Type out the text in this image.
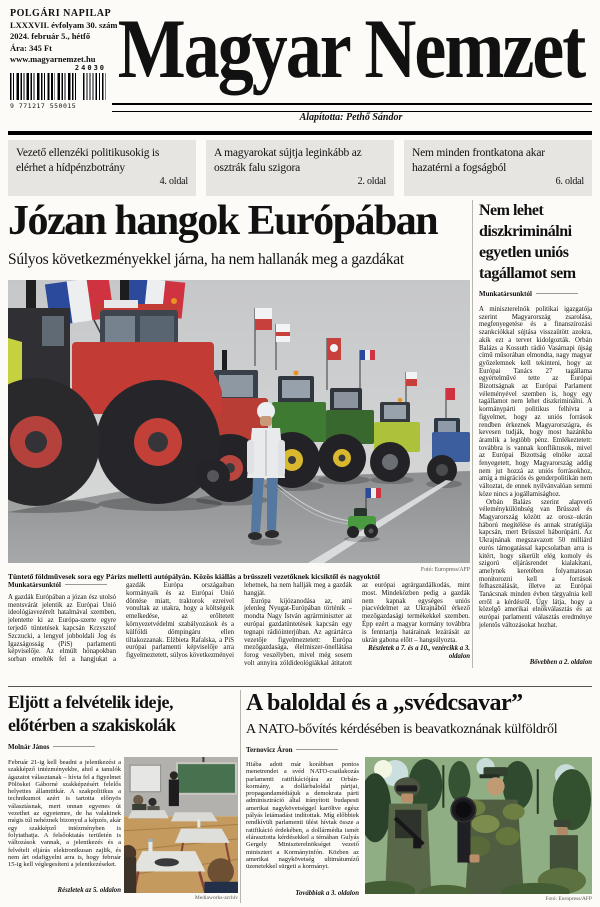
POLGÁRI NAPILAP
LXXXVII. évfolyam 30. szám
2024. február 5., hétfő
Ára: 345 Ft
www.magyarnemzet.hu
24030
9 771217 550015
Magyar Nemzet
Alapította: Pethő Sándor
Vezető ellenzéki politikusokig is elérhet a hídpénzbotrány
4. oldal
A magyarokat sújtja leginkább az osztrák falu szigora
2. oldal
Nem minden frontkatona akar hazatérni a fogságból
6. oldal
Józan hangok Európában
Súlyos következményekkel járna, ha nem hallanák meg a gazdákat
Tüntető földművesek sora egy Párizs melletti autópályán. Közös kiállás a brüsszeli vezetőknek kicsiktől és nagyoktól
Fotó: Europress/AFP
Munkatársunktól

A gazdák Európában a józan ész utolsó mentsvárát jelentik az Európai Unió ideológiavezérelt hatalmával szemben, jelentette ki az Európa-szerte egyre terjedő tüntetések kapcsán Krzysztof Szczucki, a lengyel jobboldali Jog és Igazságosság (PiS) parlamenti képviselője. Az elmúlt hónapokban sorban emelték fel a hangjukat a gazdák Európa országaiban kormányaik és az Európai Unió döntése miatt, traktorok ezreivel vonultak az utakra, hogy a költségeik emelkedése, az erőltetett környezetvédelmi szabályozások és a külföldi dömpingáru ellen tiltakozzanak. Elżbieta Rafalska, a PiS európai parlamenti képviselője arra figyelmeztetett, súlyos következményei lehetnek, ha nem hallják meg a gazdák hangját.

Európa kijózanodása az, ami jelenleg Nyugat-Európában történik – mondta Nagy István agrárminiszter az európai gazdatüntetések kapcsán egy tegnapi rádióinterjúban. Az agrártárca vezetője figyelmeztetett: Európa mezőgazdasága, élelmiszer-önellátása forog veszélyben, mivel még sosem volt annyira zöldideológiákkal átitatott az európai agrárgazdálkodás, mint most. Mindeközben pedig a gazdák nem kapnak egységes uniós piacvédelmet az Ukrajnából érkező mezőgazdasági termékekkel szemben. Épp ezért a magyar kormány továbbra is fenntartja határainak lezárását az ukrán gabona előtt – hangsúlyozta.

Részletek a 7. és a 10., vezércikk a 3. oldalon
Nem lehet diszkriminálni egyetlen uniós tagállamot sem
Munkatársunktól

A miniszterelnök politikai igazgatója szerint Magyarország zsarolása, megfenyegetése és a finanszírozási szankciókkal sújtása visszaütött azokra, akik ezt a tervet kidolgozták. Orbán Balázs a Kossuth rádió Vasárnapi újság című műsorában elmondta, nagy magyar győzelemnek kell tekinteni, hogy az Európai Tanács 27 tagállama egyértelművé tette az Európai Bizottságnak az Európai Parlament véleményével szemben is, hogy egy tagállamot nem lehet diszkriminálni. A kormánypárti politikus felhívta a figyelmet, hogy az uniós források rendben érkeznek Magyarországra, és kevesen tudják, hogy most hazánkba áramlik a legtöbb pénz. Emlékeztetett: továbbra is vannak konfliktusok, mivel az Európai Bizottság elnöke azzal fenyegetett, hogy Magyarország addig nem jut hozzá az uniós forrásokhoz, amíg a migrációs és genderpolitikán nem változtat, de ennek nyilvánvalóan semmi köze nincs a jogállamisághoz.

Orbán Balázs szerint alapvető véleménykülönbség van Brüsszel és Magyarország között az orosz–ukrán háború megítélése és annak stratégiája kapcsán, mert Brüsszel háborúpárti. Az Ukrajnának megszavazott 50 milliárd eurós támogatással kapcsolatban arra is kitért, hogy sikerült elég komoly és szigorú eljárásrendet kialakítani, amelynek keretében folyamatosan monitorozni kell a források felhasználását, illetve az Európai Tanácsnak minden évben tárgyalnia kell erről a kérdésről. Úgy látja, hogy a közelgő amerikai elnökválasztás és az európai parlamenti választás eredménye jelentős változásokat hozhat.

Bővebben a 2. oldalon
Eljött a felvételik ideje, előtérben a szakiskolák
Molnár János
Február 21-ig kell beadni a jelentkezést a szakképző intézményekbe, ahol a tanulók ágazatot választanak – hívta fel a figyelmet Pölöskei Gáborné szakképzésért felelős helyettes államtitkár. A szakpolitikus a technikumot azért is tartotta előnyös választásnak, mert onnan egyenes út vezethet az egyetemre, de ha valakinek mégis túl nehéznek bizonyul a képzés, akár egy szakképző intézményben is folytathatja. A felsőoktatás területén is változások vannak, a jelentkezés és a felvételi eljárás elektronikusan zajlik, és nem árt odafigyelni arra is, hogy február 15-ig kell véglegesíteni a jelentkezéseket.
Részletek az 5. oldalon
Mediaworks-archív
A baloldal és a „svédcsavar”
A NATO-bővítés kérdésében is beavatkoznának külföldről
Ternovicz Áron
Hiába adott már korábban pontos menetrendet a svéd NATO-csatlakozás parlamenti ratifikációjára az Orbán-kormány, a dollárbaloldal pártjai, propagandamédiájuk a demokrata párti adminisztráció által irányított budapesti amerikai nagykövetséggel karöltve egész pályás letámadást indítottak. Míg előbbiek rendkívüli parlamenti ülést hívtak össze a ratifikáció érdekében, a dollármédia ismét elárasztotta kérdésekkel a témában Gulyás Gergely Miniszterelnökséget vezető minisztert a Kormányinfón. Közben az amerikai nagykövetség ultimátumízű üzenetekkel sürgeti a kormányt.
Továbbiak a 3. oldalon
Fotó: Europress/AFP
